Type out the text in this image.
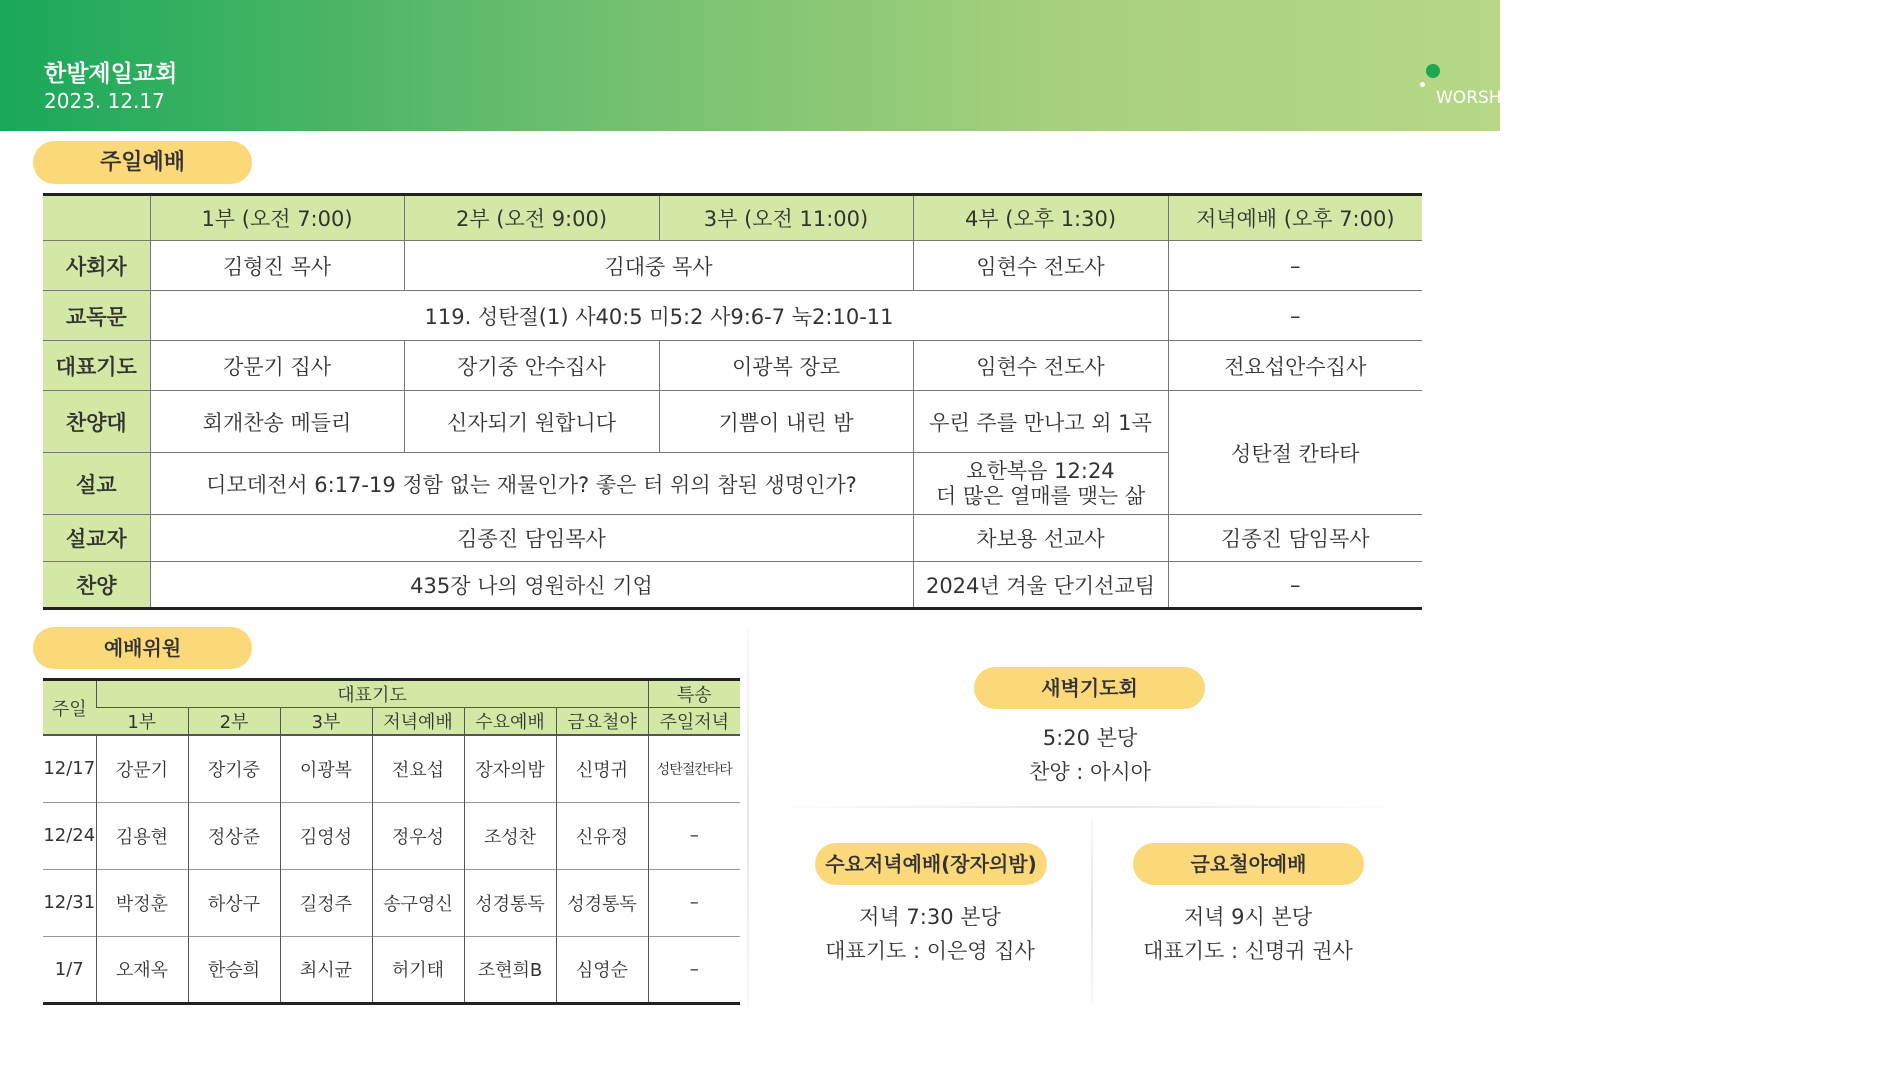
한밭제일교회
2023. 12.17	WORSHIP 예배순서 및 예배위원
주일예배
	1부 (오전 7:00)	2부 (오전 9:00)	3부 (오전 11:00)	4부 (오후 1:30)	저녁예배 (오후 7:00)
사회자	김형진 목사	김대중 목사		임현수 전도사	–
교독문	119. 성탄절(1) 사40:5 미5:2 사9:6-7 눅2:10-11				–
대표기도	강문기 집사	장기중 안수집사	이광복 장로	임현수 전도사	전요섭안수집사
찬양대	회개찬송 메들리	신자되기 원합니다	기쁨이 내린 밤	우린 주를 만나고 외 1곡	성탄절 칸타타
설교	디모데전서 6:17-19 정함 없는 재물인가? 좋은 터 위의 참된 생명인가?			요한복음 12:24
더 많은 열매를 맺는 삶	

설교자	김종진 담임목사			차보용 선교사	김종진 담임목사
찬양	435장 나의 영원하신 기업			2024년 겨울 단기선교팀	–
예배위원
주일	대표기도						특송
	1부	2부	3부	저녁예배	수요예배	금요철야	주일저녁
12/17	강문기	장기중	이광복	전요섭	장자의밤	신명귀	성탄절칸타타
12/24	김용현	정상준	김영성	정우성	조성찬	신유정	–
12/31	박정훈	하상구	길정주	송구영신	성경통독	성경통독	–
1/7	오재옥	한승희	최시균	허기태	조현희B	심영순	–
새벽기도회
5:20 본당
찬양 : 아시아
수요저녁예배(장자의밤)
저녁 7:30 본당
대표기도 : 이은영 집사
금요철야예배
저녁 9시 본당
대표기도 : 신명귀 권사
